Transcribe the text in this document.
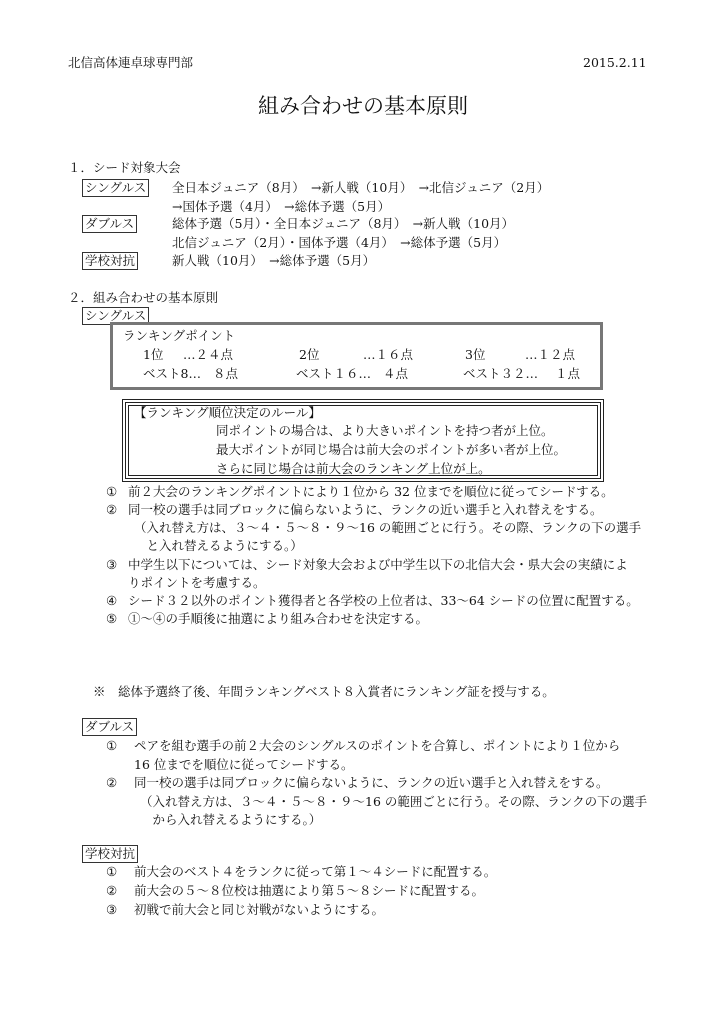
北信高体連卓球専門部	2015.2.11
組み合わせの基本原則
１．シード対象大会
シングルス 全日本ジュニア（8月）　→新人戦（10月）　→北信ジュニア（2月）
→国体予選（4月）　→総体予選（5月）
ダブルス	総体予選（5月）・全日本ジュニア（8月）　→新人戦（10月）
北信ジュニア（2月）・国体予選（4月）　→総体予選（5月）
学校対抗	新人戦（10月）　→総体予選（5月）
２．組み合わせの基本原則
シングルス
ランキングポイント
1位 …２４点	2位	…１６点	3位	…１２点
ベスト8… ８点	ベスト１６… ４点	ベスト３２… １点
【ランキング順位決定のルール】
同ポイントの場合は、より大きいポイントを持つ者が上位。
最大ポイントが同じ場合は前大会のポイントが多い者が上位。
さらに同じ場合は前大会のランキング上位が上。
① 前２大会のランキングポイントにより１位から 32 位までを順位に従ってシードする。
② 同一校の選手は同ブロックに偏らないように、ランクの近い選手と入れ替えをする。
（入れ替え方は、３～４・５～８・９～16 の範囲ごとに行う。その際、ランクの下の選手
　と入れ替えるようにする。）
③ 中学生以下については、シード対象大会および中学生以下の北信大会・県大会の実績によ
りポイントを考慮する。
④ シード３２以外のポイント獲得者と各学校の上位者は、33～64 シードの位置に配置する。
⑤ ①～④の手順後に抽選により組み合わせを決定する。
※　総体予選終了後、年間ランキングベスト８入賞者にランキング証を授与する。
ダブルス
① ペアを組む選手の前２大会のシングルスのポイントを合算し、ポイントにより１位から
16 位までを順位に従ってシードする。
② 同一校の選手は同ブロックに偏らないように、ランクの近い選手と入れ替えをする。
（入れ替え方は、３～４・５～８・９～16 の範囲ごとに行う。その際、ランクの下の選手
　から入れ替えるようにする。）
学校対抗
① 前大会のベスト４をランクに従って第１～４シードに配置する。
② 前大会の５～８位校は抽選により第５～８シードに配置する。
③ 初戦で前大会と同じ対戦がないようにする。
